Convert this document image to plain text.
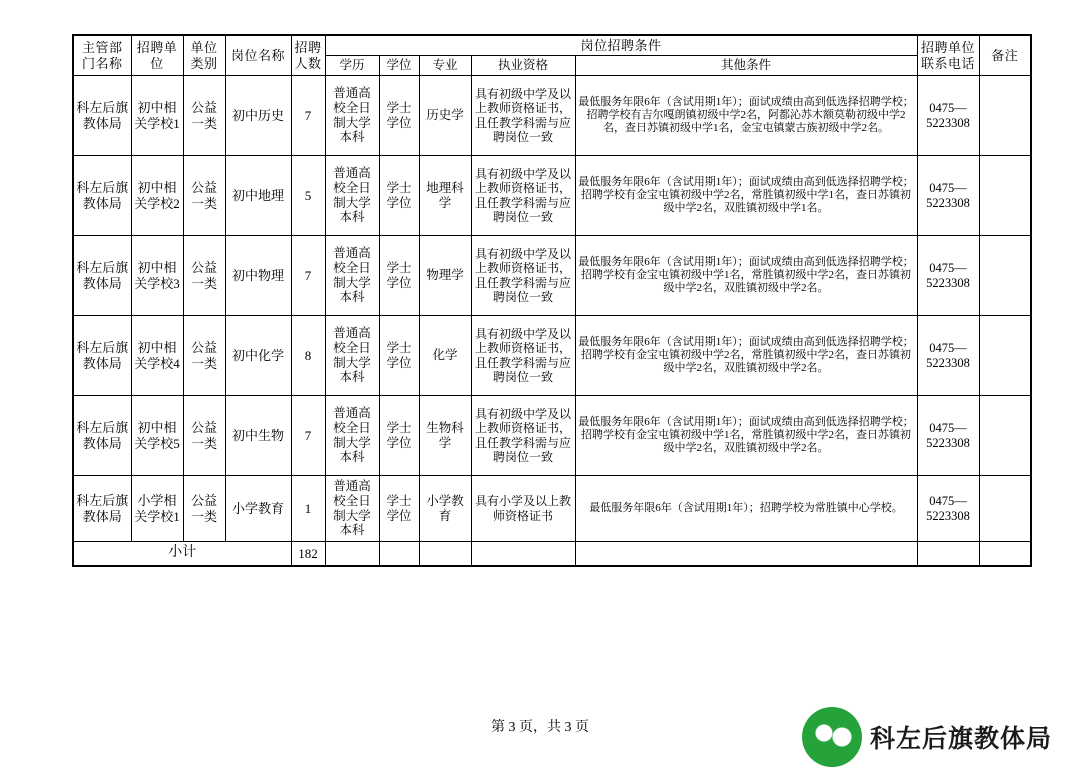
主管部门名称	招聘单位	单位类别	岗位名称	招聘人数	岗位招聘条件					招聘单位联系电话	备注
					学历	学位	专业	执业资格	其他条件		
科左后旗教体局	初中相关学校1	公益一类	初中历史	7	普通高校全日制大学本科	学士学位	历史学	具有初级中学及以上教师资格证书，且任教学科需与应聘岗位一致	最低服务年限6年（含试用期1年）；面试成绩由高到低选择招聘学校；招聘学校有吉尔嘎朗镇初级中学2名，阿都沁苏木额莫勒初级中学2名，查日苏镇初级中学1名，金宝屯镇蒙古族初级中学2名。	0475—5223308	
科左后旗教体局	初中相关学校2	公益一类	初中地理	5	普通高校全日制大学本科	学士学位	地理科学	具有初级中学及以上教师资格证书，且任教学科需与应聘岗位一致	最低服务年限6年（含试用期1年）；面试成绩由高到低选择招聘学校；招聘学校有金宝屯镇初级中学2名，常胜镇初级中学1名，查日苏镇初级中学2名，双胜镇初级中学1名。	0475—5223308	
科左后旗教体局	初中相关学校3	公益一类	初中物理	7	普通高校全日制大学本科	学士学位	物理学	具有初级中学及以上教师资格证书，且任教学科需与应聘岗位一致	最低服务年限6年（含试用期1年）；面试成绩由高到低选择招聘学校；招聘学校有金宝屯镇初级中学1名，常胜镇初级中学2名，查日苏镇初级中学2名，双胜镇初级中学2名。	0475—5223308	
科左后旗教体局	初中相关学校4	公益一类	初中化学	8	普通高校全日制大学本科	学士学位	化学	具有初级中学及以上教师资格证书，且任教学科需与应聘岗位一致	最低服务年限6年（含试用期1年）；面试成绩由高到低选择招聘学校；招聘学校有金宝屯镇初级中学2名，常胜镇初级中学2名，查日苏镇初级中学2名，双胜镇初级中学2名。	0475—5223308	
科左后旗教体局	初中相关学校5	公益一类	初中生物	7	普通高校全日制大学本科	学士学位	生物科学	具有初级中学及以上教师资格证书，且任教学科需与应聘岗位一致	最低服务年限6年（含试用期1年）；面试成绩由高到低选择招聘学校；招聘学校有金宝屯镇初级中学1名，常胜镇初级中学2名，查日苏镇初级中学2名，双胜镇初级中学2名。	0475—5223308	
科左后旗教体局	小学相关学校1	公益一类	小学教育	1	普通高校全日制大学本科	学士学位	小学教育	具有小学及以上教师资格证书	最低服务年限6年（含试用期1年）；招聘学校为常胜镇中心学校。	0475—5223308	
小计				182							
第 3 页，共 3 页	科左后旗教体局
